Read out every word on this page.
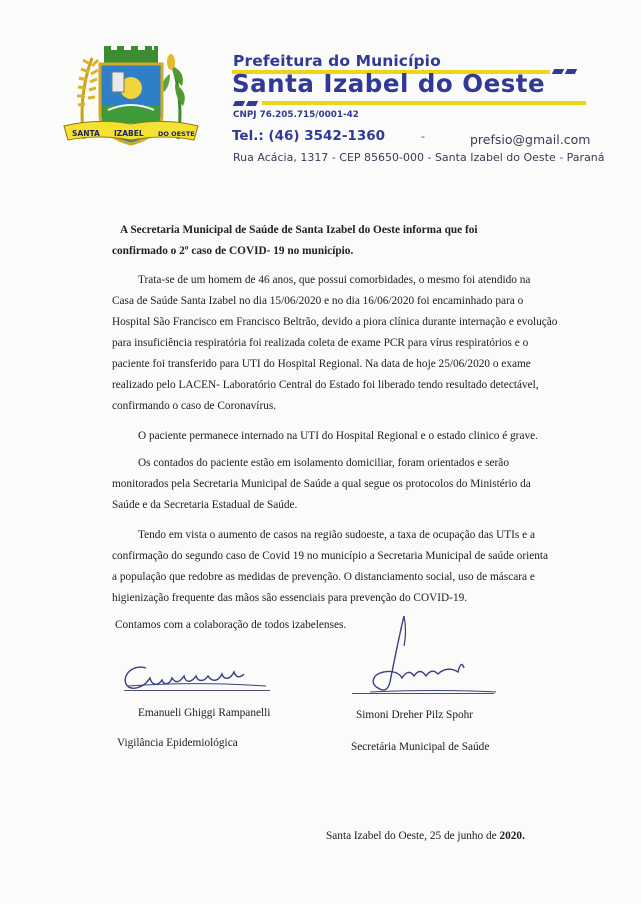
SANTA IZABEL DO OESTE
Prefeitura do Município
Santa Izabel do Oeste
CNPJ 76.205.715/0001-42
Tel.: (46) 3542-1360	-	prefsio@gmail.com
Rua Acácia, 1317 - CEP 85650-000 - Santa Izabel do Oeste - Paraná
A Secretaria Municipal de Saúde de Santa Izabel do Oeste informa que foi
confirmado o 2º caso de COVID- 19 no município.
Trata-se de um homem de 46 anos, que possui comorbidades, o mesmo foi atendido na
Casa de Saúde Santa Izabel no dia 15/06/2020 e no dia 16/06/2020 foi encaminhado para o
Hospital São Francisco em Francisco Beltrão, devido a piora clínica durante internação e evolução
para insuficiência respiratória foi realizada coleta de exame PCR para vírus respiratórios e o
paciente foi transferido para UTI do Hospital Regional. Na data de hoje 25/06/2020 o exame
realizado pelo LACEN- Laboratório Central do Estado foi liberado tendo resultado detectável,
confirmando o caso de Coronavírus.
O paciente permanece internado na UTI do Hospital Regional e o estado clinico é grave.
Os contados do paciente estão em isolamento domiciliar, foram orientados e serão
monitorados pela Secretaria Municipal de Saúde a qual segue os protocolos do Ministério da
Saúde e da Secretaria Estadual de Saúde.
Tendo em vista o aumento de casos na região sudoeste, a taxa de ocupação das UTIs e a
confirmação do segundo caso de Covid 19 no município a Secretaria Municipal de saúde orienta
a população que redobre as medidas de prevenção. O distanciamento social, uso de máscara e
higienização frequente das mãos são essenciais para prevenção do COVID-19.
Contamos com a colaboração de todos izabelenses.
Emanueli Ghiggi Rampanelli	Simoni Dreher Pilz Spohr
Vigilância Epidemiológica	Secretária Municipal de Saúde
Santa Izabel do Oeste, 25 de junho de 2020.
